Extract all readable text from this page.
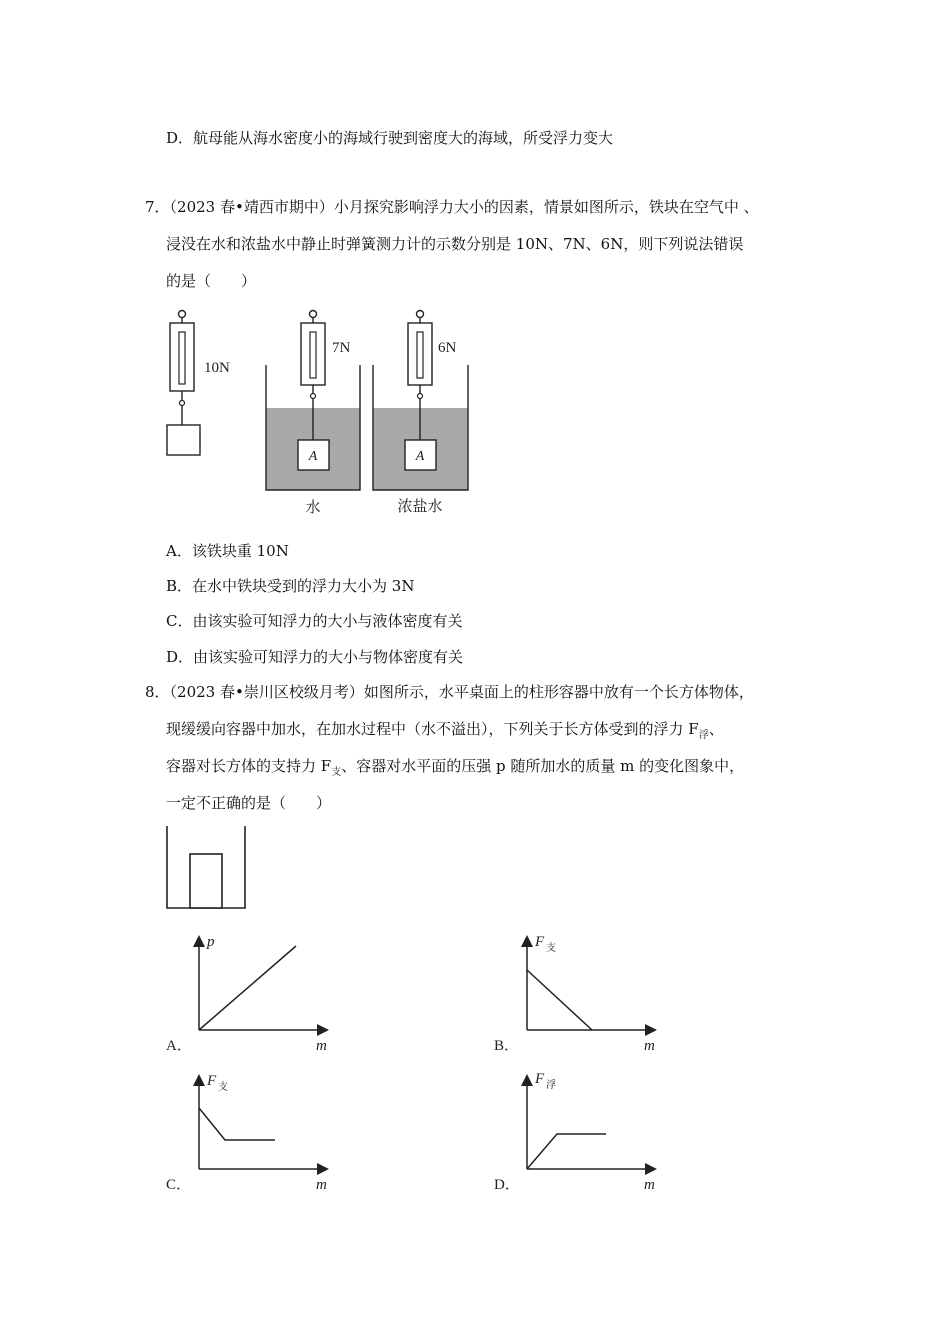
D．航母能从海水密度小的海域行驶到密度大的海域，所受浮力变大
7．（2023 春•靖西市期中）小月探究影响浮力大小的因素，情景如图所示，铁块在空气中 、
浸没在水和浓盐水中静止时弹簧测力计的示数分别是 10N、7N、6N，则下列说法错误
的是（　　）
10N
7N
A
水
6N
A
浓盐水
A．该铁块重 10N
B．在水中铁块受到的浮力大小为 3N
C．由该实验可知浮力的大小与液体密度有关
D．由该实验可知浮力的大小与物体密度有关
8．（2023 春•崇川区校级月考）如图所示，水平桌面上的柱形容器中放有一个长方体物体，
现缓缓向容器中加水，在加水过程中（水不溢出），下列关于长方体受到的浮力 $F_浮$、
容器对长方体的支持力 $F_支$、容器对水平面的压强 p 随所加水的质量 m 的变化图象中，
一定不正确的是（　　）
A．
p
m	B．
F 支
m
C．
F 支
m	D．
F 浮
m
